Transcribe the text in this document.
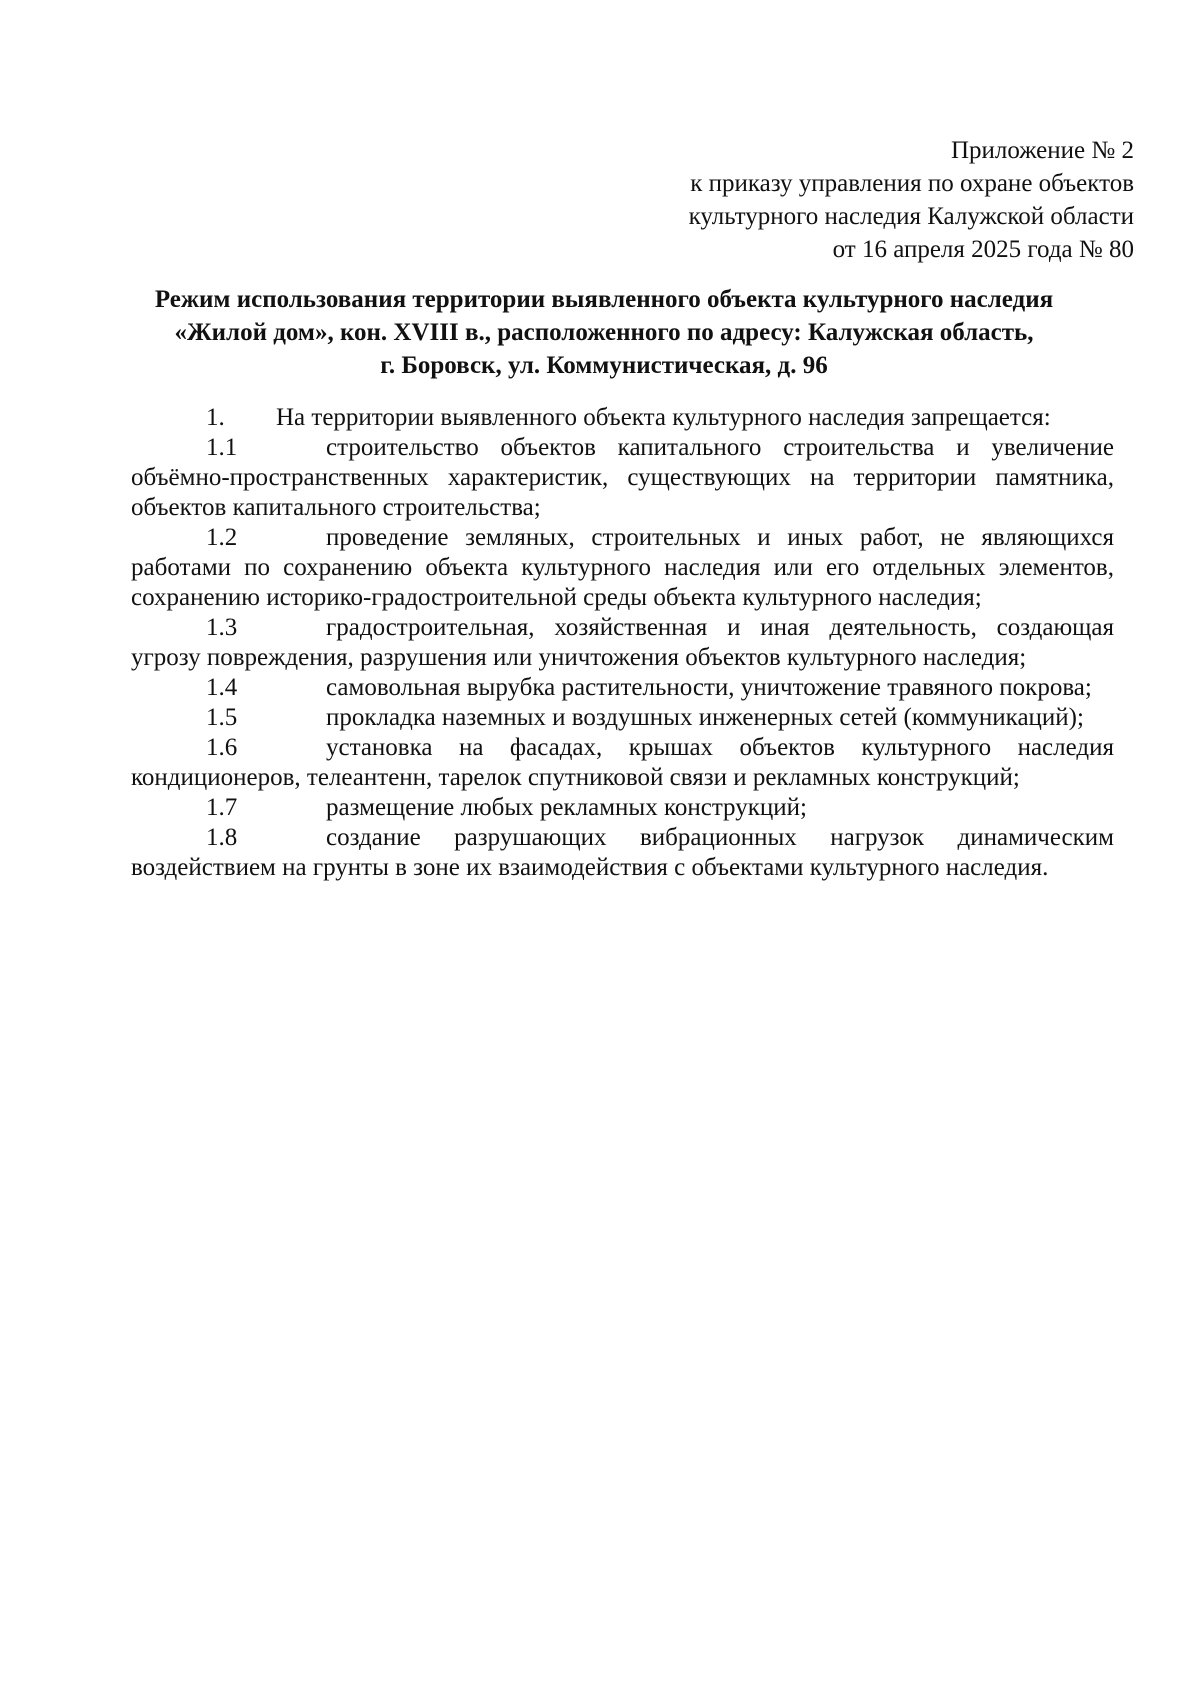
Приложение № 2
к приказу управления по охране объектов
культурного наследия Калужской области
от 16 апреля 2025 года № 80
Режим использования территории выявленного объекта культурного наследия
«Жилой дом», кон. XVIII в., расположенного по адресу: Калужская область,
г. Боровск, ул. Коммунистическая, д. 96

1.	На территории выявленного объекта культурного наследия запрещается:

1.1	строительство объектов капитального строительства и увеличение объёмно-пространственных характеристик, существующих на территории памятника, объектов капитального строительства;

1.2	проведение земляных, строительных и иных работ, не являющихся работами по сохранению объекта культурного наследия или его отдельных элементов, сохранению историко-градостроительной среды объекта культурного наследия;

1.3	градостроительная, хозяйственная и иная деятельность, создающая угрозу повреждения, разрушения или уничтожения объектов культурного наследия;

1.4	самовольная вырубка растительности, уничтожение травяного покрова;

1.5	прокладка наземных и воздушных инженерных сетей (коммуникаций);

1.6	установка на фасадах, крышах объектов культурного наследия кондиционеров, телеантенн, тарелок спутниковой связи и рекламных конструкций;

1.7	размещение любых рекламных конструкций;

1.8	создание разрушающих вибрационных нагрузок динамическим воздействием на грунты в зоне их взаимодействия с объектами культурного наследия.
